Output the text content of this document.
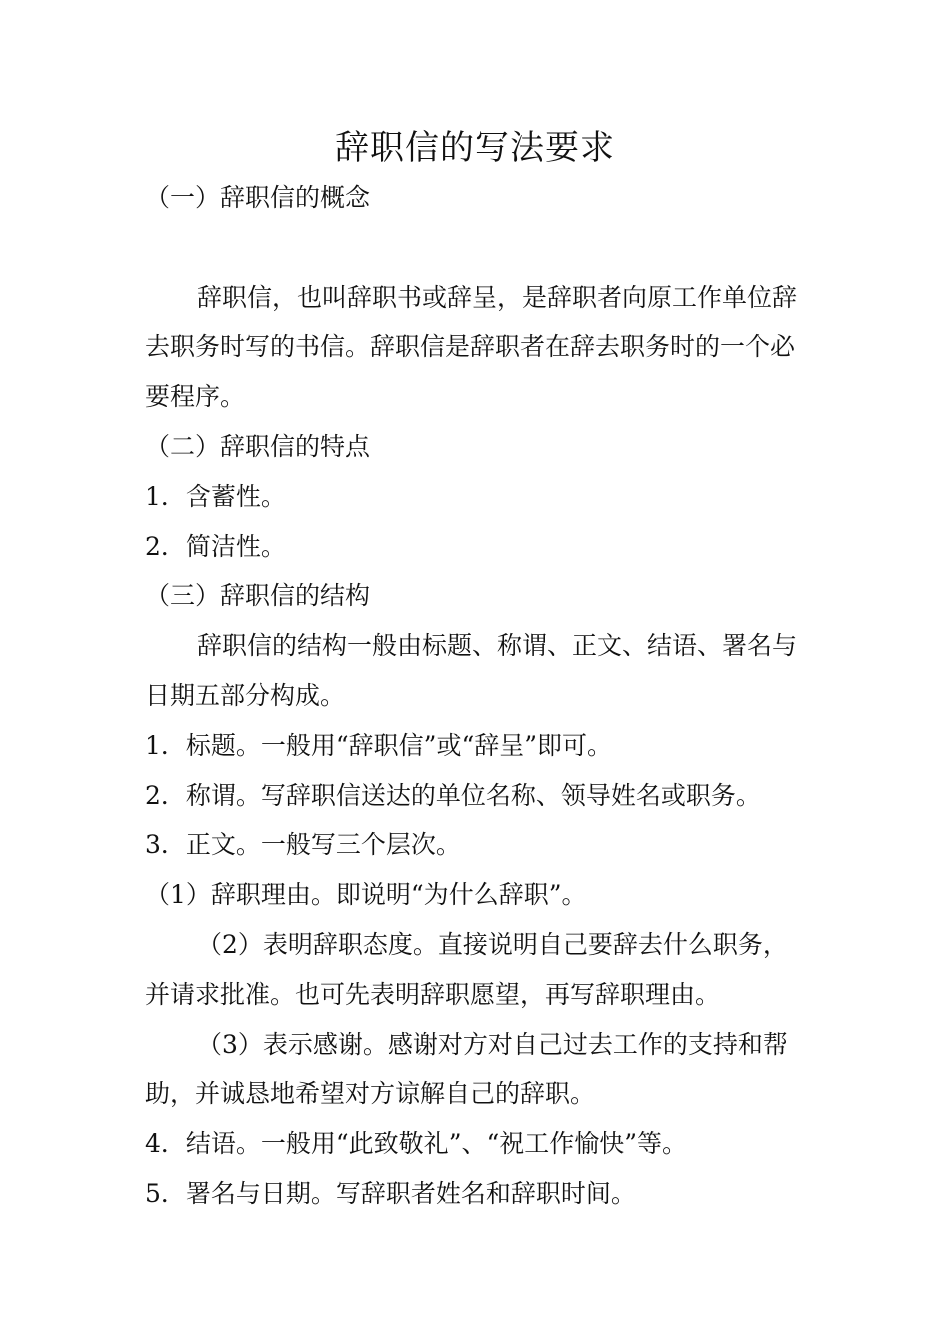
辞职信的写法要求

（一）辞职信的概念

辞职信，也叫辞职书或辞呈，是辞职者向原工作单位辞去职务时写的书信。辞职信是辞职者在辞去职务时的一个必要程序。

（二）辞职信的特点

1．含蓄性。

2．简洁性。

（三）辞职信的结构

辞职信的结构一般由标题、称谓、正文、结语、署名与日期五部分构成。

1．标题。一般用“辞职信”或“辞呈”即可。

2．称谓。写辞职信送达的单位名称、领导姓名或职务。

3．正文。一般写三个层次。

（1）辞职理由。即说明“为什么辞职”。

（2）表明辞职态度。直接说明自己要辞去什么职务，并请求批准。也可先表明辞职愿望，再写辞职理由。

（3）表示感谢。感谢对方对自己过去工作的支持和帮助，并诚恳地希望对方谅解自己的辞职。

4．结语。一般用“此致敬礼”、“祝工作愉快”等。

5．署名与日期。写辞职者姓名和辞职时间。
